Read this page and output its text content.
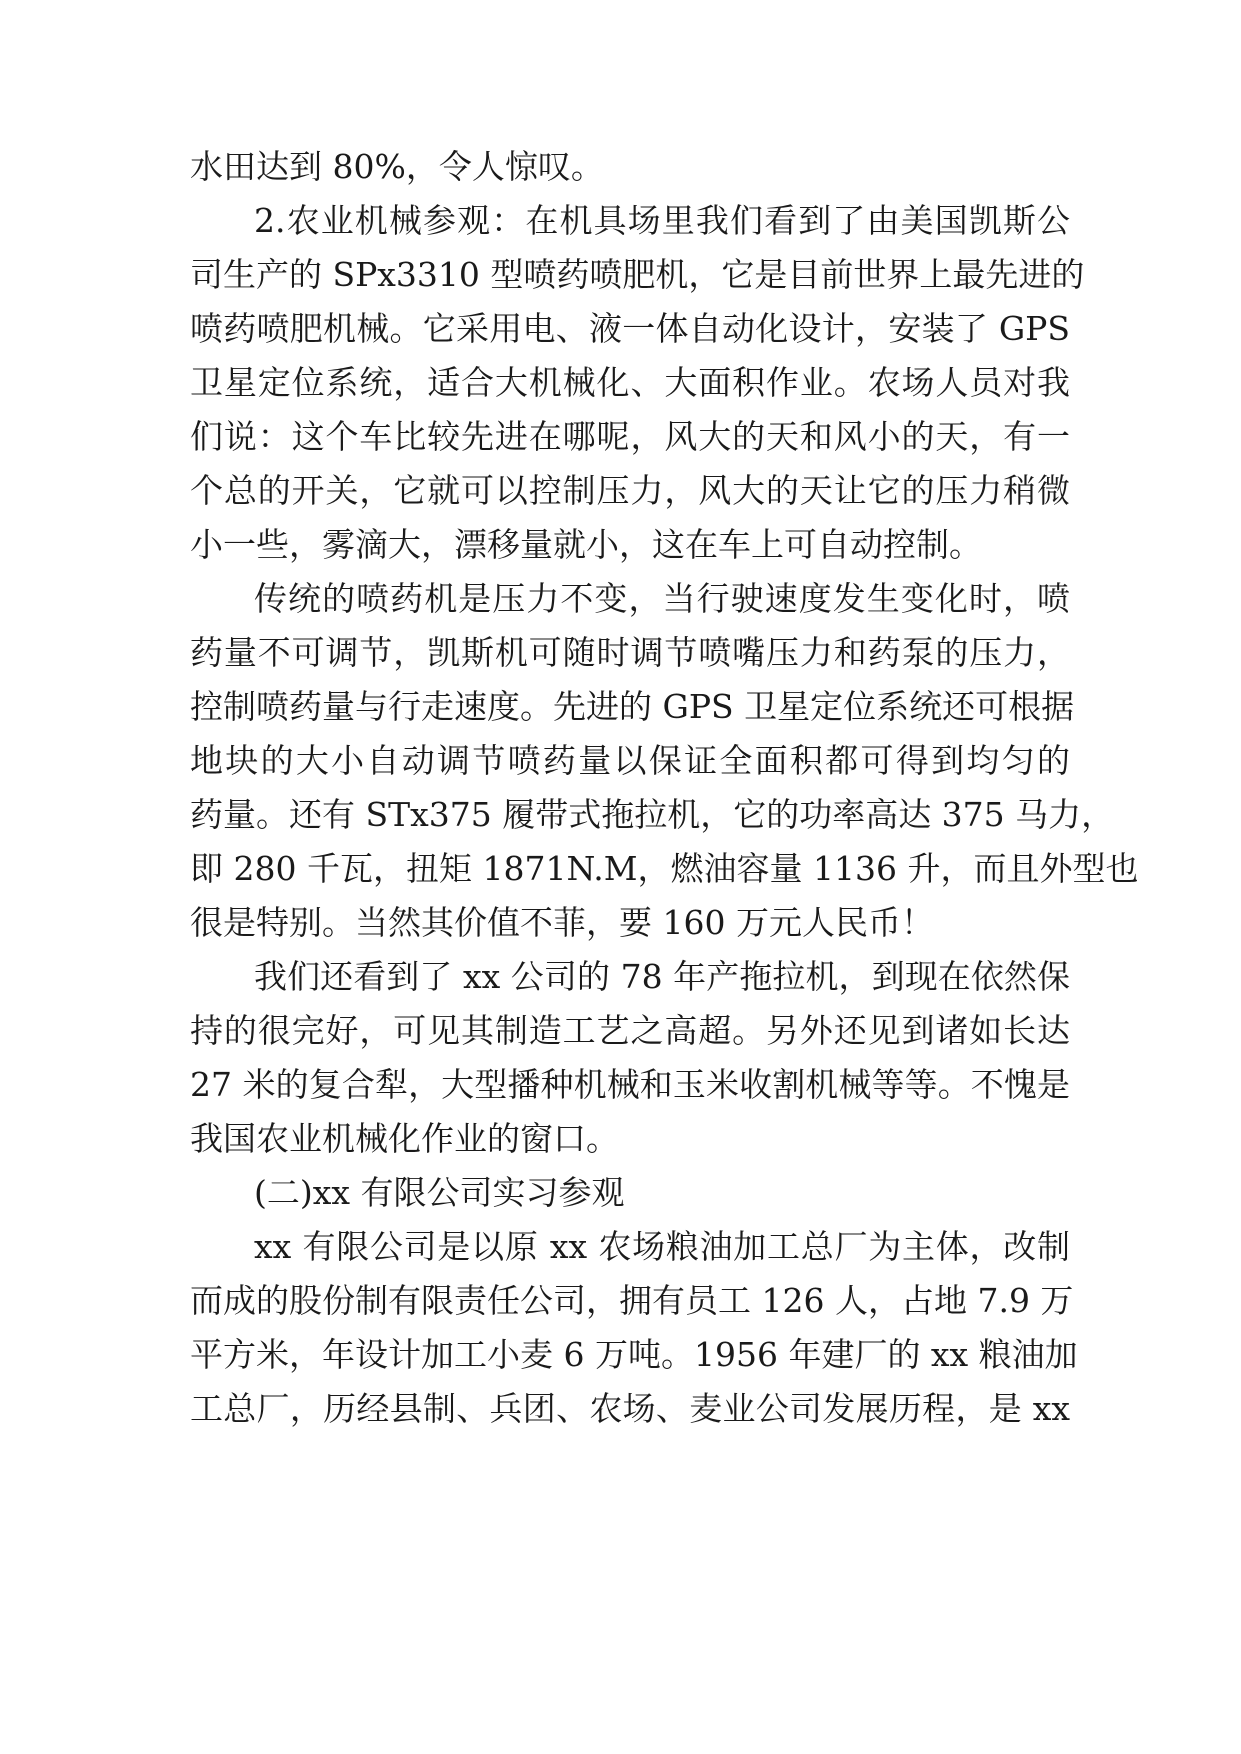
水田达到 80%，令人惊叹。
2.农业机械参观：在机具场里我们看到了由美国凯斯公
司生产的 SPx3310 型喷药喷肥机，它是目前世界上最先进的
喷药喷肥机械。它采用电、液一体自动化设计，安装了 GPS
卫星定位系统，适合大机械化、大面积作业。农场人员对我
们说：这个车比较先进在哪呢，风大的天和风小的天，有一
个总的开关，它就可以控制压力，风大的天让它的压力稍微
小一些，雾滴大，漂移量就小，这在车上可自动控制。
传统的喷药机是压力不变，当行驶速度发生变化时，喷
药量不可调节，凯斯机可随时调节喷嘴压力和药泵的压力，
控制喷药量与行走速度。先进的 GPS 卫星定位系统还可根据
地块的大小自动调节喷药量以保证全面积都可得到均匀的
药量。还有 STx375 履带式拖拉机，它的功率高达 375 马力，
即 280 千瓦，扭矩 1871N.M，燃油容量 1136 升，而且外型也
很是特别。当然其价值不菲，要 160 万元人民币！
我们还看到了 xx 公司的 78 年产拖拉机，到现在依然保
持的很完好，可见其制造工艺之高超。另外还见到诸如长达
27 米的复合犁，大型播种机械和玉米收割机械等等。不愧是
我国农业机械化作业的窗口。
(二)xx 有限公司实习参观
xx 有限公司是以原 xx 农场粮油加工总厂为主体，改制
而成的股份制有限责任公司，拥有员工 126 人，占地 7.9 万
平方米，年设计加工小麦 6 万吨。1956 年建厂的 xx 粮油加
工总厂，历经县制、兵团、农场、麦业公司发展历程，是 xx
